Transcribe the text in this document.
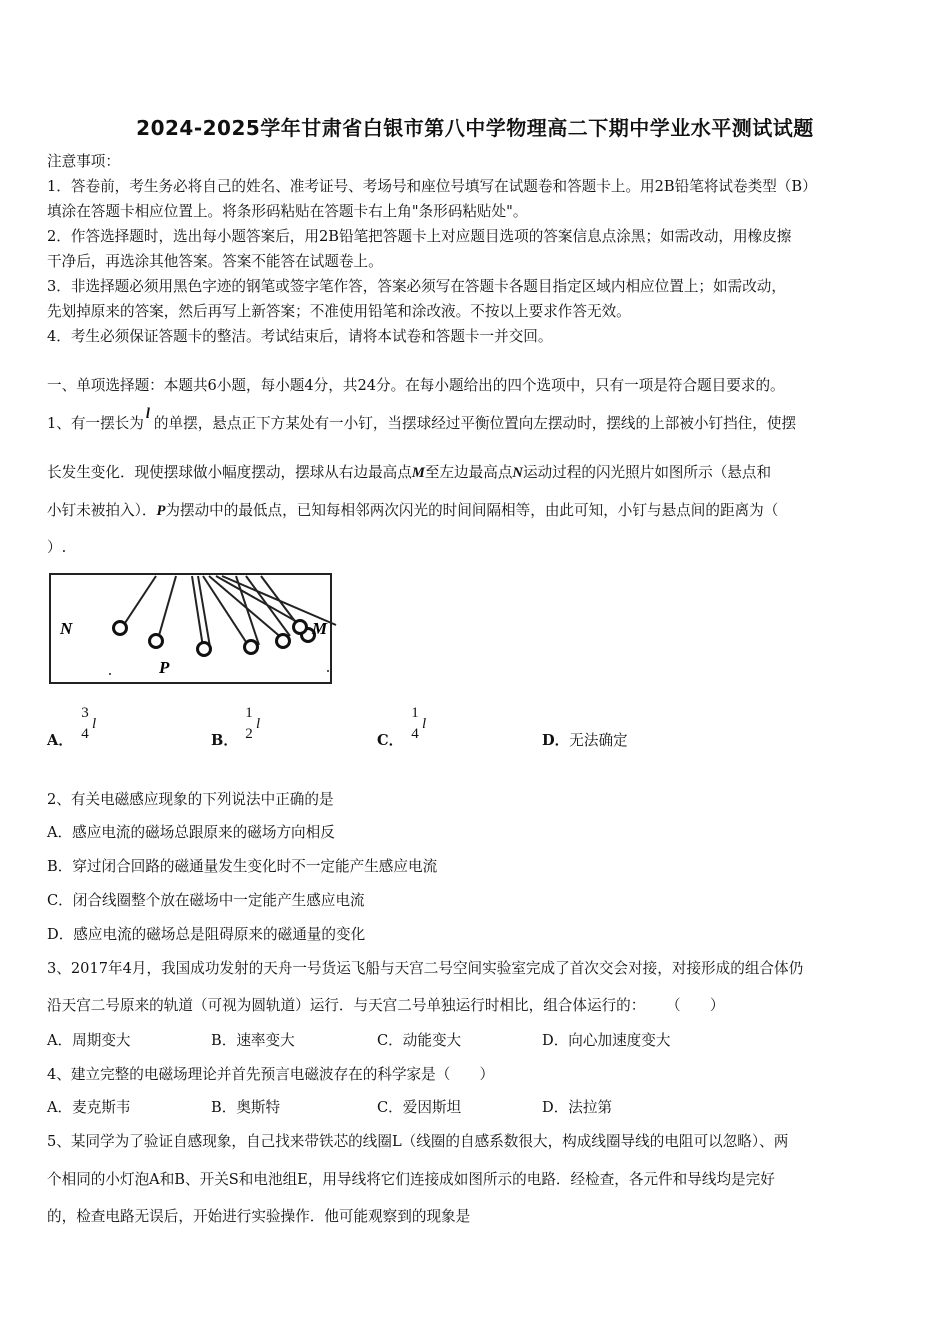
2024-2025学年甘肃省白银市第八中学物理高二下期中学业水平测试试题
注意事项：
1．答卷前，考生务必将自己的姓名、准考证号、考场号和座位号填写在试题卷和答题卡上。用2B铅笔将试卷类型（B）
填涂在答题卡相应位置上。将条形码粘贴在答题卡右上角"条形码粘贴处"。
2．作答选择题时，选出每小题答案后，用2B铅笔把答题卡上对应题目选项的答案信息点涂黑；如需改动，用橡皮擦
干净后，再选涂其他答案。答案不能答在试题卷上。
3．非选择题必须用黑色字迹的钢笔或签字笔作答，答案必须写在答题卡各题目指定区域内相应位置上；如需改动，
先划掉原来的答案，然后再写上新答案；不准使用铅笔和涂改液。不按以上要求作答无效。
4．考生必须保证答题卡的整洁。考试结束后，请将本试卷和答题卡一并交回。
一、单项选择题：本题共6小题，每小题4分，共24分。在每小题给出的四个选项中，只有一项是符合题目要求的。
1、有一摆长为l的单摆，悬点正下方某处有一小钉，当摆球经过平衡位置向左摆动时，摆线的上部被小钉挡住，使摆
长发生变化．现使摆球做小幅度摆动，摆球从右边最高点M至左边最高点N运动过程的闪光照片如图所示（悬点和
小钉未被拍入）．P为摆动中的最低点，已知每相邻两次闪光的时间间隔相等，由此可知，小钉与悬点间的距离为（
）.
N	M
P
A．
3
4
l
B．
1
2
l
C．
1
4
l
D．无法确定
2、有关电磁感应现象的下列说法中正确的是
A．感应电流的磁场总跟原来的磁场方向相反
B．穿过闭合回路的磁通量发生变化时不一定能产生感应电流
C．闭合线圈整个放在磁场中一定能产生感应电流
D．感应电流的磁场总是阻碍原来的磁通量的变化
3、2017年4月，我国成功发射的天舟一号货运飞船与天宫二号空间实验室完成了首次交会对接，对接形成的组合体仍
沿天宫二号原来的轨道（可视为圆轨道）运行．与天宫二号单独运行时相比，组合体运行的： （　　）
A．周期变大	B．速率变大	C．动能变大	D．向心加速度变大
4、建立完整的电磁场理论并首先预言电磁波存在的科学家是（　　）
A．麦克斯韦	B．奥斯特	C．爱因斯坦	D．法拉第
5、某同学为了验证自感现象，自己找来带铁芯的线圈L（线圈的自感系数很大，构成线圈导线的电阻可以忽略）、两
个相同的小灯泡A和B、开关S和电池组E，用导线将它们连接成如图所示的电路．经检查，各元件和导线均是完好
的，检查电路无误后，开始进行实验操作．他可能观察到的现象是
